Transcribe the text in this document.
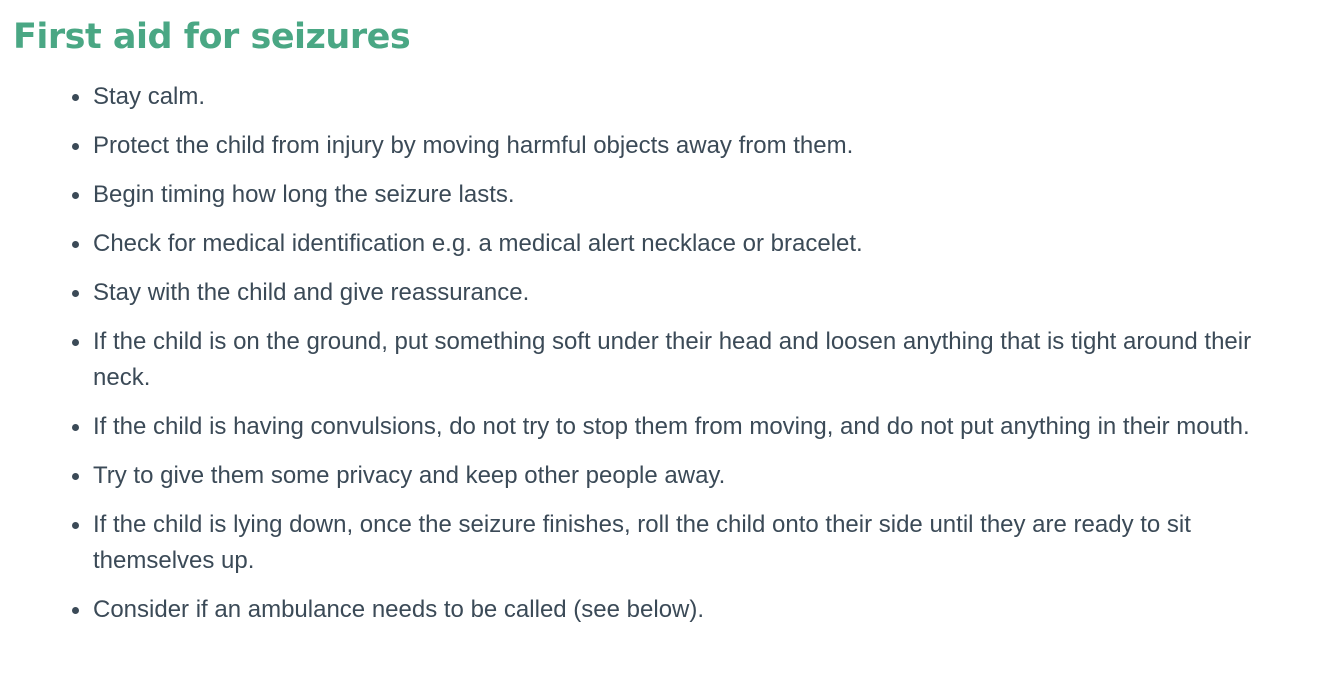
First aid for seizures
Stay calm.
Protect the child from injury by moving harmful objects away from them.
Begin timing how long the seizure lasts.
Check for medical identification e.g. a medical alert necklace or bracelet.
Stay with the child and give reassurance.
If the child is on the ground, put something soft under their head and loosen anything that is tight around their neck.
If the child is having convulsions, do not try to stop them from moving, and do not put anything in their mouth.
Try to give them some privacy and keep other people away.
If the child is lying down, once the seizure finishes, roll the child onto their side until they are ready to sit themselves up.
Consider if an ambulance needs to be called (see below).
